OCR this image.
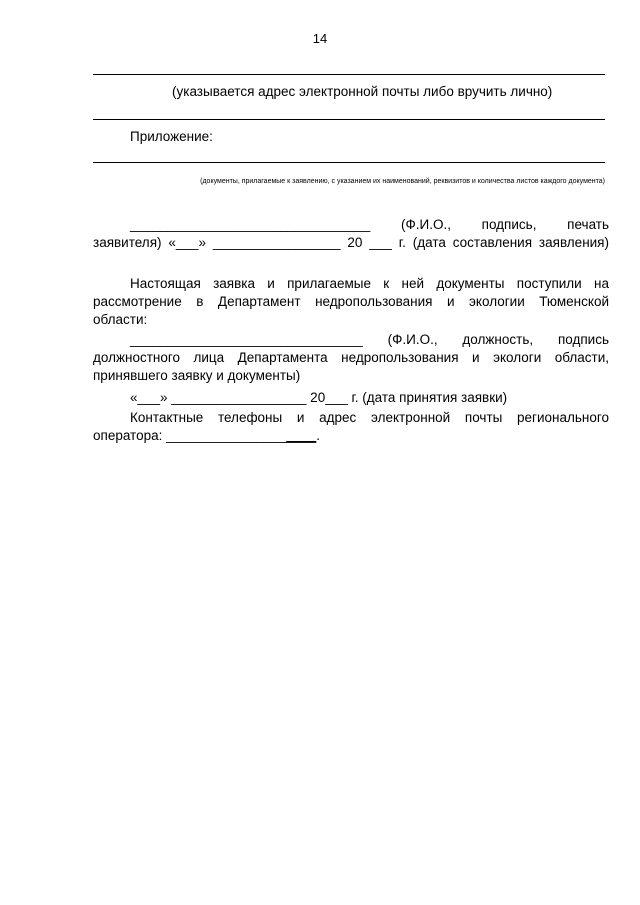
14
(указывается адрес электронной почты либо вручить лично)
Приложение:
(документы, прилагаемые к заявлению, с указанием их наименований, реквизитов и количества листов каждого документа)
________________________________ (Ф.И.О., подпись, печать
заявителя) «___» _________________ 20 ___ г. (дата составления заявления)
Настоящая заявка и прилагаемые к ней документы поступили на
рассмотрение в Департамент недропользования и экологии Тюменской
области:
_______________________________ (Ф.И.О., должность, подпись
должностного лица Департамента недропользования и экологи области,
принявшего заявку и документы)
«___» __________________ 20___ г. (дата принятия заявки)
Контактные телефоны и адрес электронной почты регионального
оператора: ____________________.
